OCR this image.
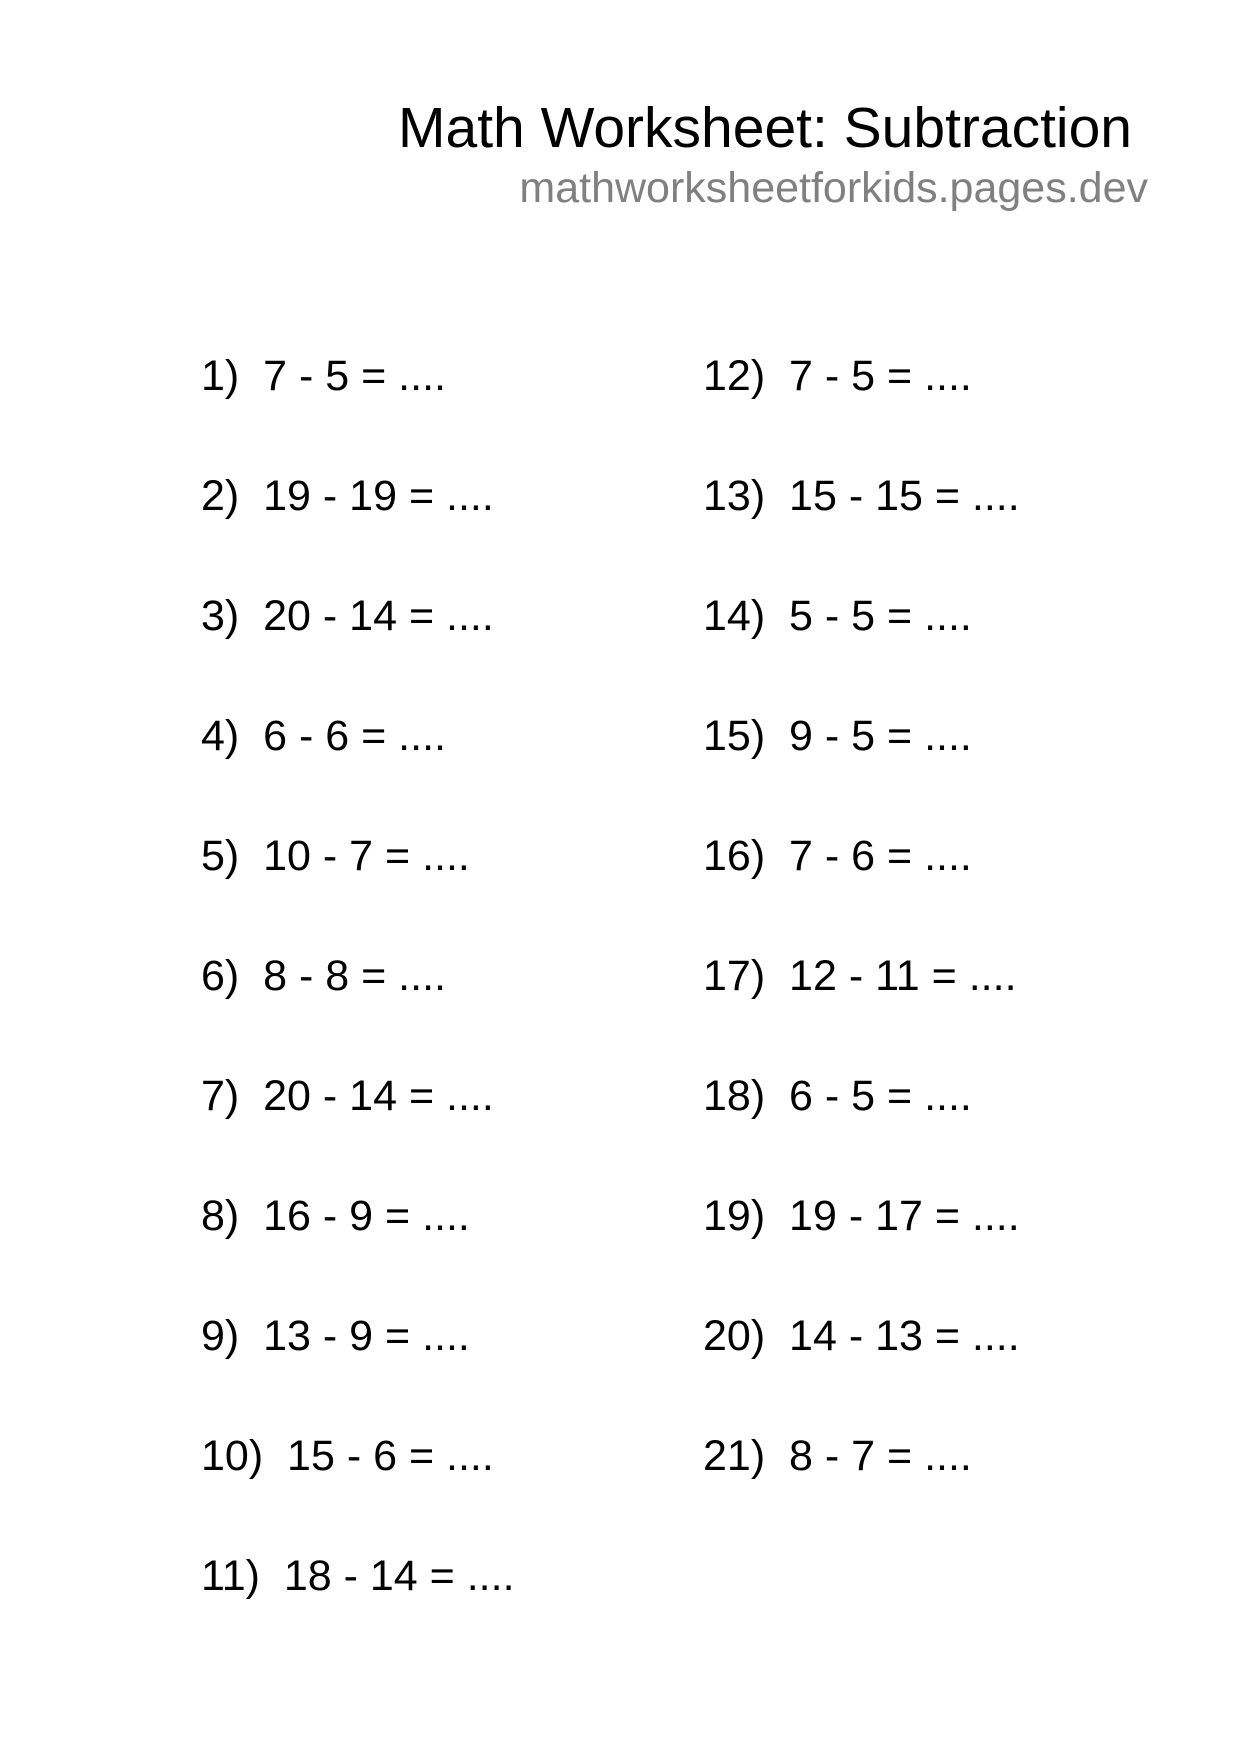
Math Worksheet: Subtraction
mathworksheetforkids.pages.dev
1)  7 - 5 = ....
2)  19 - 19 = ....
3)  20 - 14 = ....
4)  6 - 6 = ....
5)  10 - 7 = ....
6)  8 - 8 = ....
7)  20 - 14 = ....
8)  16 - 9 = ....
9)  13 - 9 = ....
10)  15 - 6 = ....
11)  18 - 14 = ....
12)  7 - 5 = ....
13)  15 - 15 = ....
14)  5 - 5 = ....
15)  9 - 5 = ....
16)  7 - 6 = ....
17)  12 - 11 = ....
18)  6 - 5 = ....
19)  19 - 17 = ....
20)  14 - 13 = ....
21)  8 - 7 = ....
